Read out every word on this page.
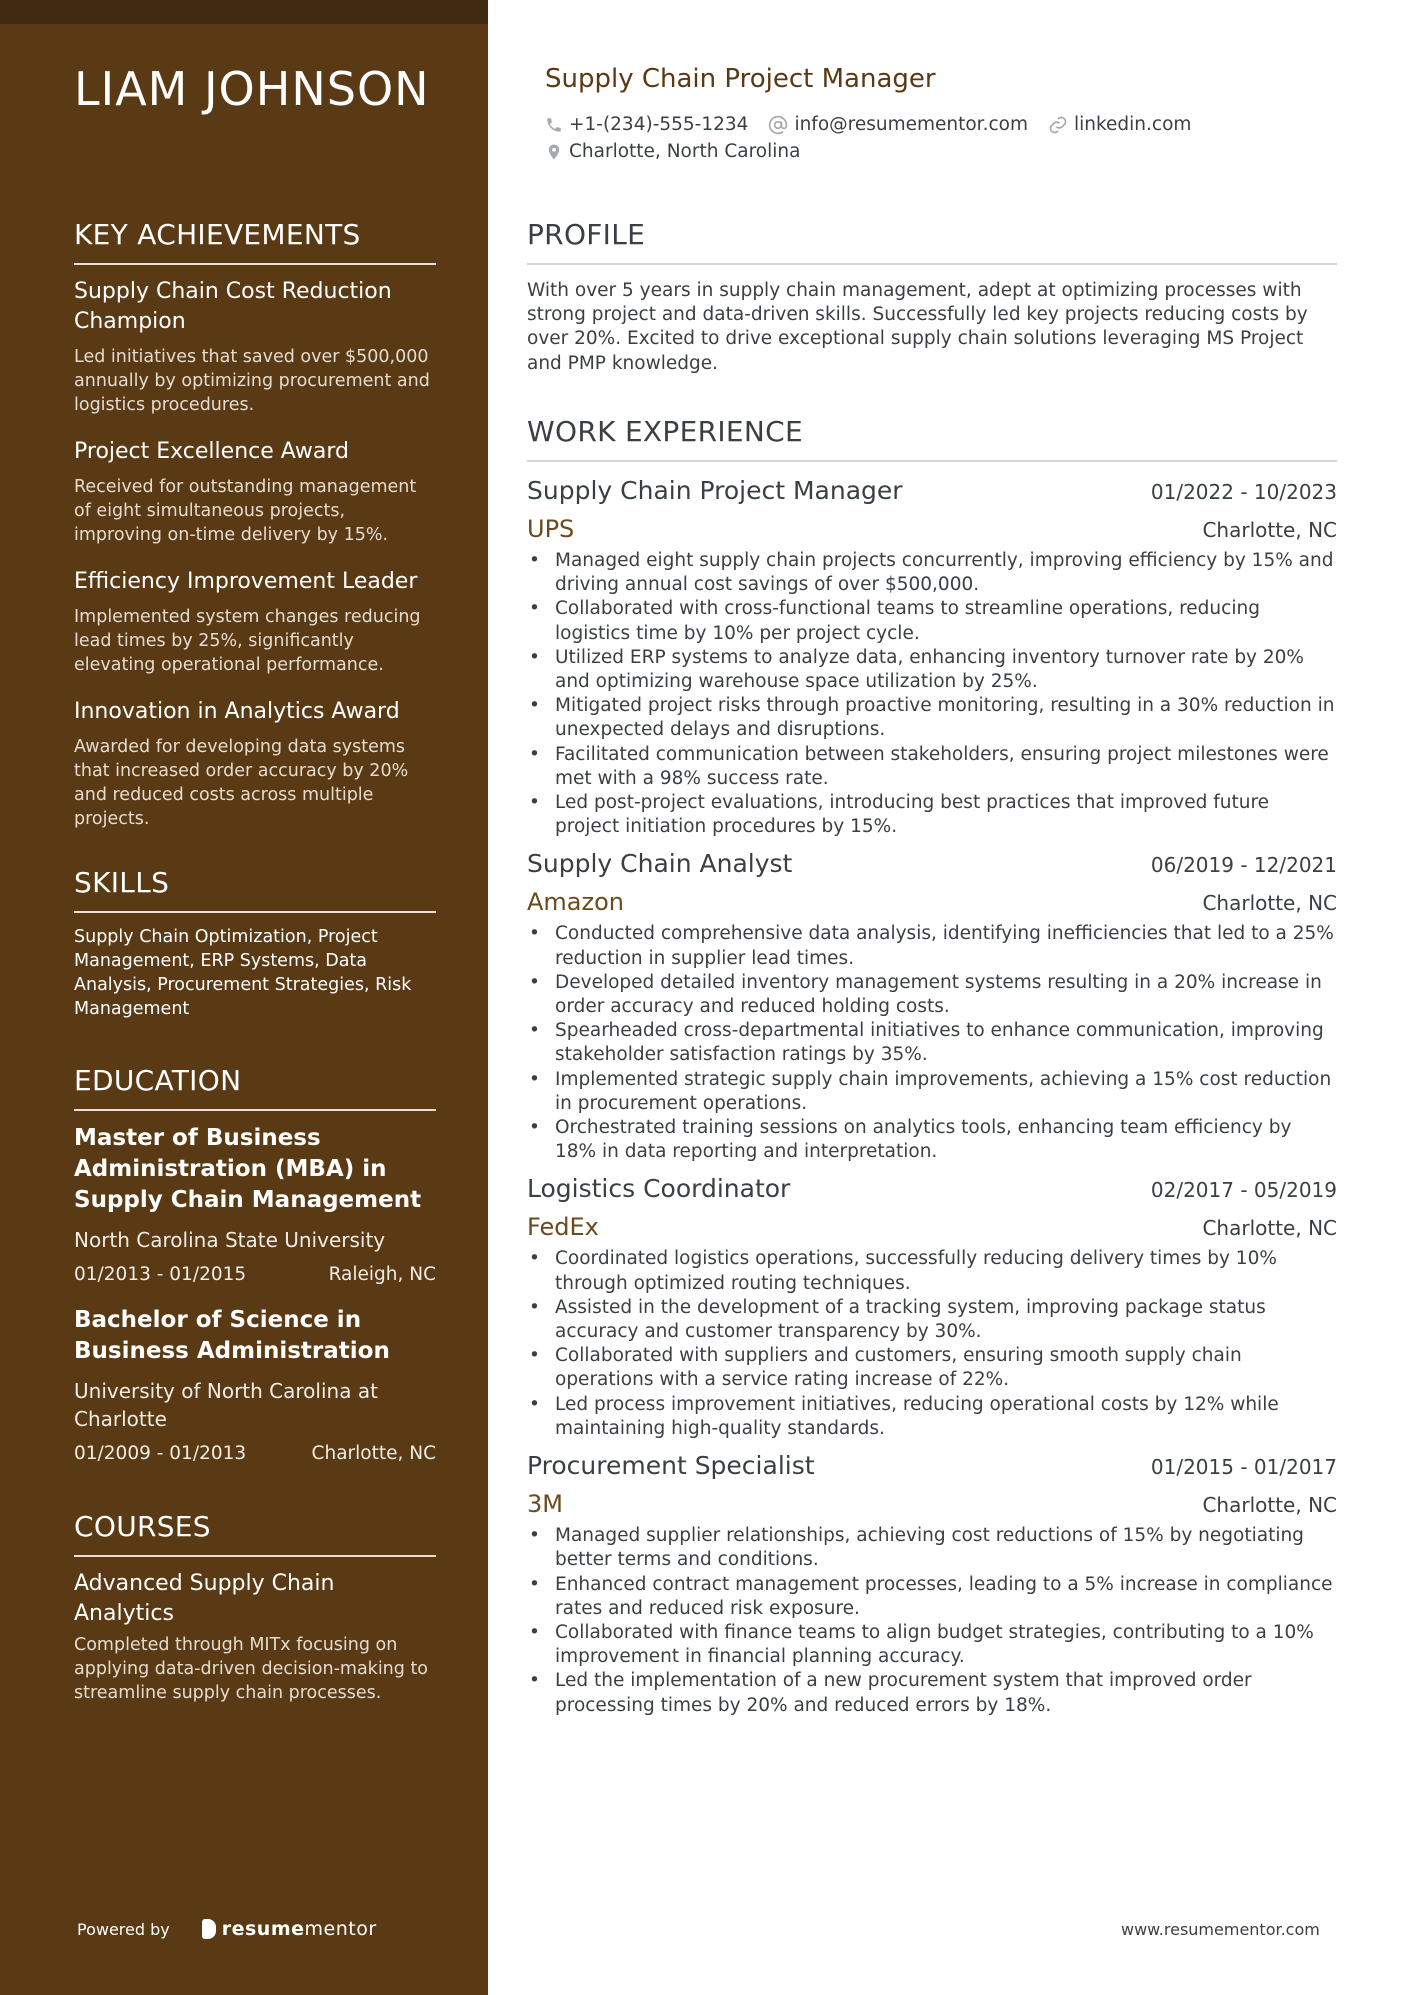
LIAM JOHNSON
KEY ACHIEVEMENTS
Supply Chain Cost Reduction Champion
Led initiatives that saved over $500,000 annually by optimizing procurement and logistics procedures.
Project Excellence Award
Received for outstanding management of eight simultaneous projects, improving on-time delivery by 15%.
Efficiency Improvement Leader
Implemented system changes reducing lead times by 25%, significantly elevating operational performance.
Innovation in Analytics Award
Awarded for developing data systems that increased order accuracy by 20% and reduced costs across multiple projects.
SKILLS
Supply Chain Optimization, Project Management, ERP Systems, Data Analysis, Procurement Strategies, Risk Management
EDUCATION
Master of Business Administration (MBA) in Supply Chain Management
North Carolina State University
01/2013 - 01/2015	Raleigh, NC
Bachelor of Science in Business Administration
University of North Carolina at Charlotte
01/2009 - 01/2013	Charlotte, NC
COURSES
Advanced Supply Chain Analytics
Completed through MITx focusing on applying data-driven decision-making to streamline supply chain processes.
Powered by	resume mentor
Supply Chain Project Manager
+1-(234)-555-1234 info@resumementor.com linkedin.com
Charlotte, North Carolina
PROFILE
With over 5 years in supply chain management, adept at optimizing processes with strong project and data-driven skills. Successfully led key projects reducing costs by over 20%. Excited to drive exceptional supply chain solutions leveraging MS Project and PMP knowledge.
WORK EXPERIENCE
Supply Chain Project Manager	01/2022 - 10/2023
UPS	Charlotte, NC
• Managed eight supply chain projects concurrently, improving efficiency by 15% and driving annual cost savings of over $500,000.
• Collaborated with cross-functional teams to streamline operations, reducing logistics time by 10% per project cycle.
• Utilized ERP systems to analyze data, enhancing inventory turnover rate by 20% and optimizing warehouse space utilization by 25%.
• Mitigated project risks through proactive monitoring, resulting in a 30% reduction in unexpected delays and disruptions.
• Facilitated communication between stakeholders, ensuring project milestones were met with a 98% success rate.
• Led post-project evaluations, introducing best practices that improved future project initiation procedures by 15%.
Supply Chain Analyst	06/2019 - 12/2021
Amazon	Charlotte, NC
• Conducted comprehensive data analysis, identifying inefficiencies that led to a 25% reduction in supplier lead times.
• Developed detailed inventory management systems resulting in a 20% increase in order accuracy and reduced holding costs.
• Spearheaded cross-departmental initiatives to enhance communication, improving stakeholder satisfaction ratings by 35%.
• Implemented strategic supply chain improvements, achieving a 15% cost reduction in procurement operations.
• Orchestrated training sessions on analytics tools, enhancing team efficiency by 18% in data reporting and interpretation.
Logistics Coordinator	02/2017 - 05/2019
FedEx	Charlotte, NC
• Coordinated logistics operations, successfully reducing delivery times by 10% through optimized routing techniques.
• Assisted in the development of a tracking system, improving package status accuracy and customer transparency by 30%.
• Collaborated with suppliers and customers, ensuring smooth supply chain operations with a service rating increase of 22%.
• Led process improvement initiatives, reducing operational costs by 12% while maintaining high-quality standards.
Procurement Specialist	01/2015 - 01/2017
3M	Charlotte, NC
• Managed supplier relationships, achieving cost reductions of 15% by negotiating better terms and conditions.
• Enhanced contract management processes, leading to a 5% increase in compliance rates and reduced risk exposure.
• Collaborated with finance teams to align budget strategies, contributing to a 10% improvement in financial planning accuracy.
• Led the implementation of a new procurement system that improved order processing times by 20% and reduced errors by 18%.
www.resumementor.com
